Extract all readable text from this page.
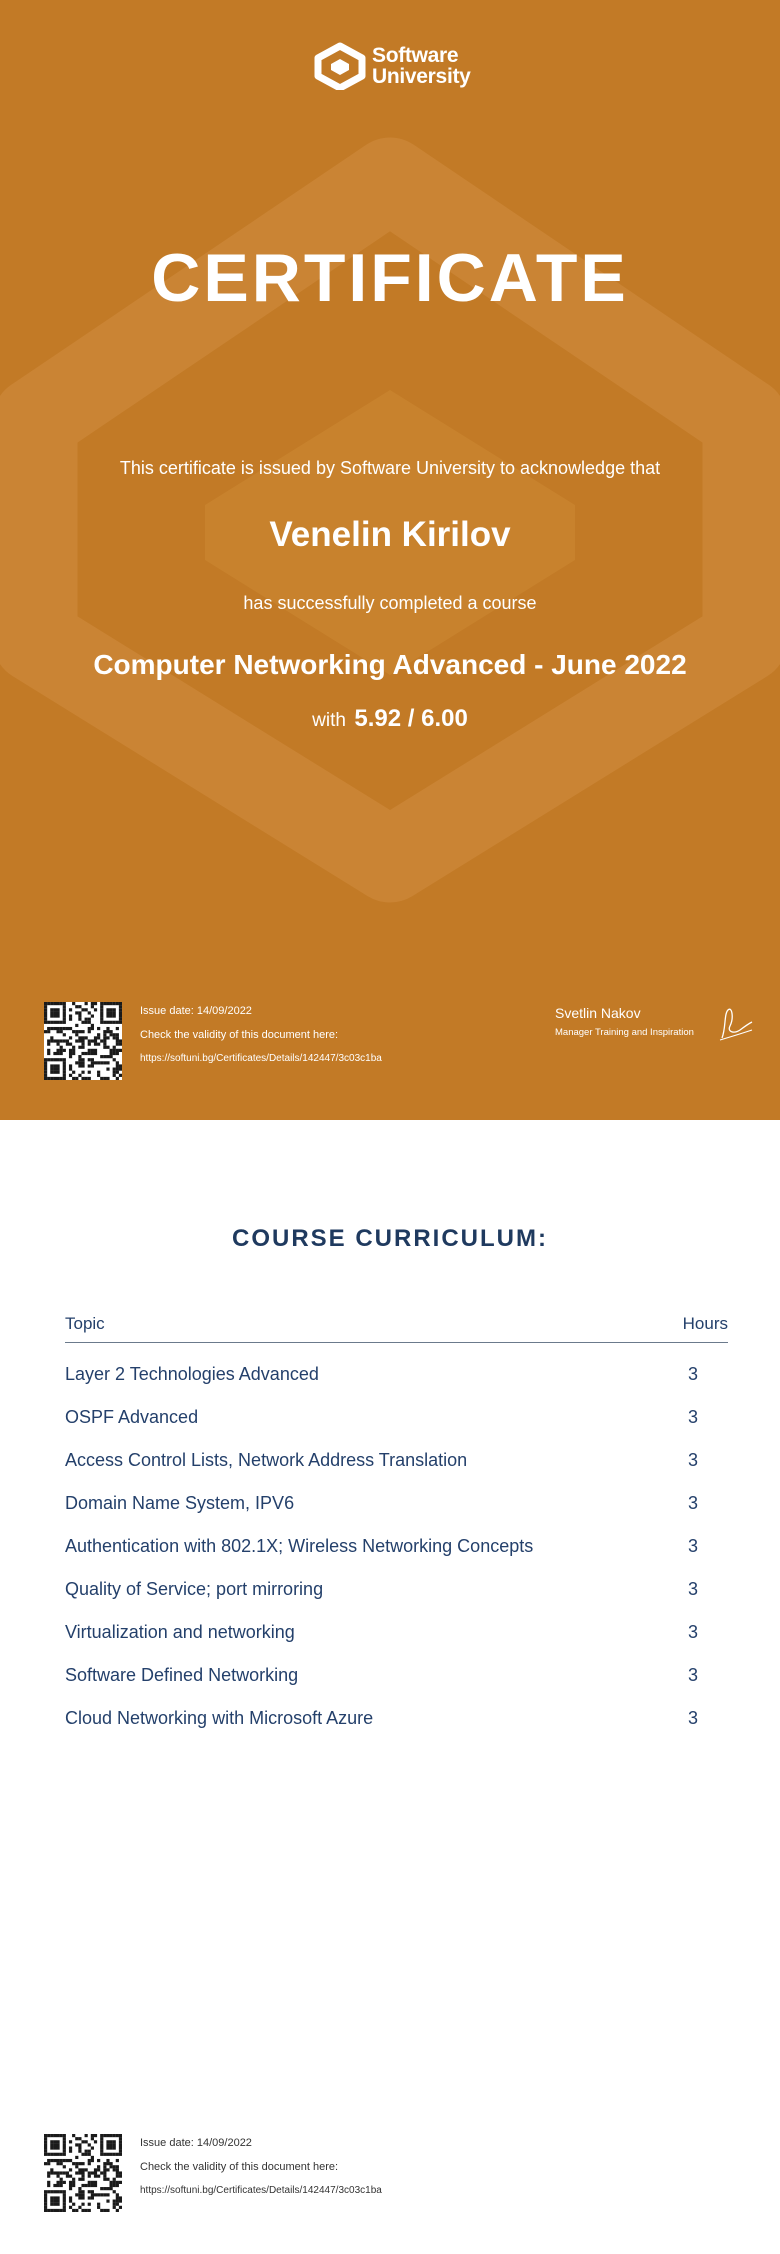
Software
University
CERTIFICATE
This certificate is issued by Software University to acknowledge that
Venelin Kirilov
has successfully completed a course
Computer Networking Advanced - June 2022
with 5.92 / 6.00
Issue date: 14/09/2022
Check the validity of this document here:
https://softuni.bg/Certificates/Details/142447/3c03c1ba
Svetlin Nakov
Manager Training and Inspiration
COURSE CURRICULUM:
Topic	Hours
Layer 2 Technologies Advanced	3
OSPF Advanced	3
Access Control Lists, Network Address Translation	3
Domain Name System, IPV6	3
Authentication with 802.1X; Wireless Networking Concepts	3
Quality of Service; port mirroring	3
Virtualization and networking	3
Software Defined Networking	3
Cloud Networking with Microsoft Azure	3
Issue date: 14/09/2022
Check the validity of this document here:
https://softuni.bg/Certificates/Details/142447/3c03c1ba
